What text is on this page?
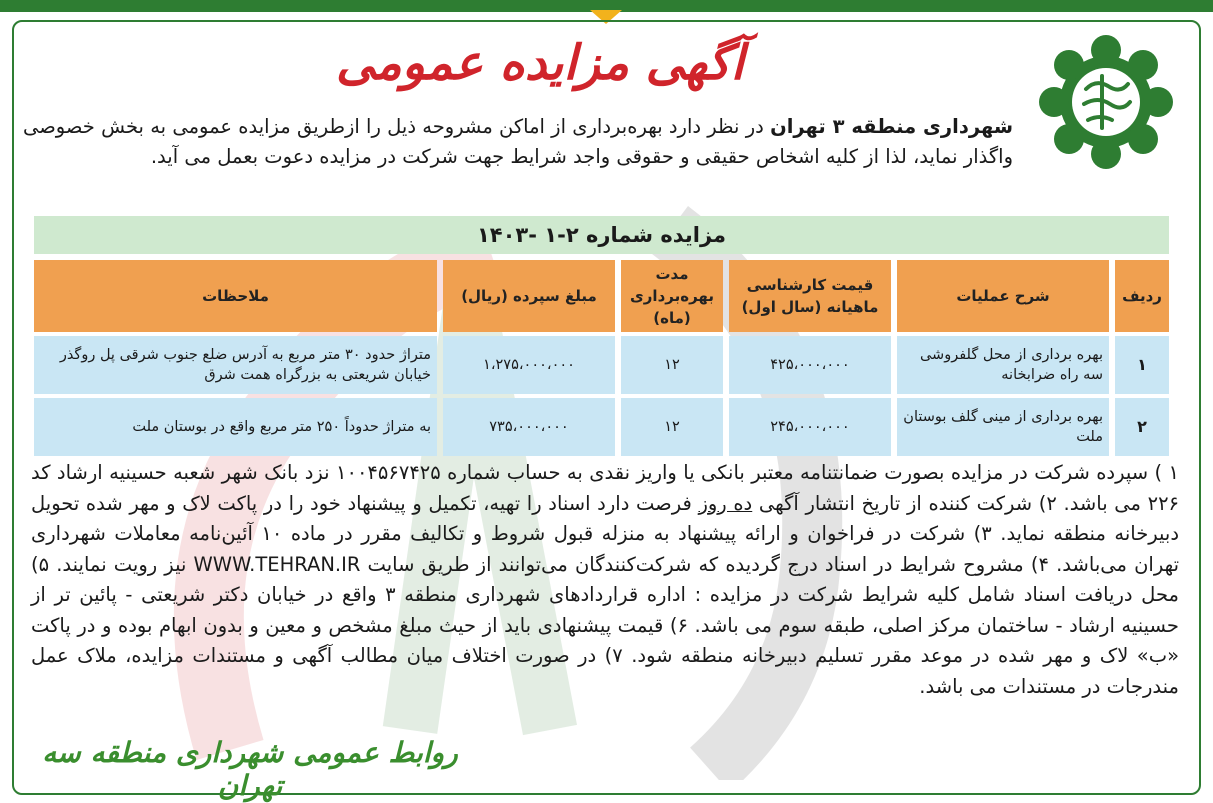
آگهی مزایده عمومی
شهرداری منطقه ۳ تهران در نظر دارد بهره‌برداری از اماکن مشروحه ذیل را ازطریق مزایده عمومی به بخش خصوصی واگذار نماید، لذا از کلیه اشخاص حقیقی و حقوقی واجد شرایط جهت شرکت در مزایده دعوت بعمل می آید.
مزایده شماره ۲-۱ -۱۴۰۳
ردیف	شرح عملیات	قیمت کارشناسی ماهیانه (سال اول)	مدت بهره‌برداری (ماه)	مبلغ سپرده (ریال)	ملاحظات
۱	بهره برداری از محل گلفروشی سه راه ضرابخانه	۴۲۵،۰۰۰،۰۰۰	۱۲	۱،۲۷۵،۰۰۰،۰۰۰	متراژ حدود ۳۰ متر مربع به آدرس ضلع جنوب شرقی پل روگذر خیابان شریعتی به بزرگراه همت شرق
۲	بهره برداری از مینی گلف بوستان ملت	۲۴۵،۰۰۰،۰۰۰	۱۲	۷۳۵،۰۰۰،۰۰۰	به متراژ حدوداً ۲۵۰ متر مربع واقع در بوستان ملت
۱ ) سپرده شرکت در مزایده بصورت ضمانتنامه معتبر بانکی یا واریز نقدی به حساب شماره ۱۰۰۴۵۶۷۴۲۵ نزد بانک شهر شعبه حسینیه ارشاد کد ۲۲۶ می باشد. ۲) شرکت کننده از تاریخ انتشار آگهی ده روز فرصت دارد اسناد را تهیه، تکمیل و پیشنهاد خود را در پاکت لاک و مهر شده تحویل دبیرخانه منطقه نماید. ۳) شرکت در فراخوان و ارائه پیشنهاد به منزله قبول شروط و تکالیف مقرر در ماده ۱۰ آئین‌نامه معاملات شهرداری تهران می‌باشد. ۴) مشروح شرایط در اسناد درج گردیده که شرکت‌کنندگان می‌توانند از طریق سایت WWW.TEHRAN.IR نیز رویت نمایند. ۵) محل دریافت اسناد شامل کلیه شرایط شرکت در مزایده : اداره قراردادهای شهرداری منطقه ۳ واقع در خیابان دکتر شریعتی - پائین تر از حسینیه ارشاد - ساختمان مرکز اصلی، طبقه سوم می باشد. ۶) قیمت پیشنهادی باید از حیث مبلغ مشخص و معین و بدون ابهام بوده و در پاکت «ب» لاک و مهر شده در موعد مقرر تسلیم دبیرخانه منطقه شود. ۷) در صورت اختلاف میان مطالب آگهی و مستندات مزایده، ملاک عمل مندرجات در مستندات می باشد.
روابط عمومی شهرداری منطقه سه تهران
